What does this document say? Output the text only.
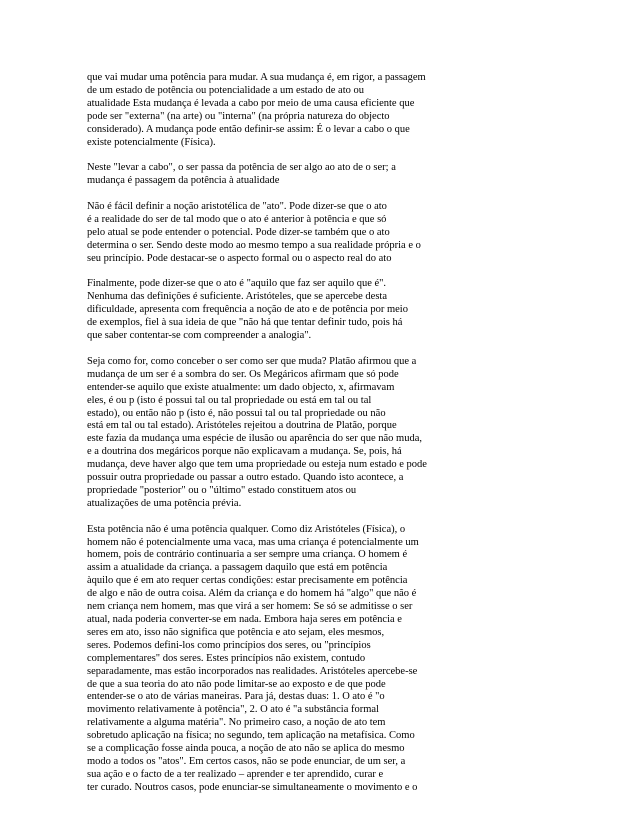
que vai mudar uma potência para mudar. A sua mudança é, em rigor, a passagem
de um estado de potência ou potencialidade a um estado de ato ou
atualidade Esta mudança é levada a cabo por meio de uma causa eficiente que
pode ser "externa" (na arte) ou "interna" (na própria natureza do objecto
considerado). A mudança pode então definir-se assim: É o levar a cabo o que
existe potencialmente (Física).

Neste "levar a cabo", o ser passa da potência de ser algo ao ato de o ser; a
mudança é passagem da potência à atualidade

Não é fácil definir a noção aristotélica de "ato". Pode dizer-se que o ato
é a realidade do ser de tal modo que o ato é anterior à potência e que só
pelo atual se pode entender o potencial. Pode dizer-se também que o ato
determina o ser. Sendo deste modo ao mesmo tempo a sua realidade própria e o
seu princípio. Pode destacar-se o aspecto formal ou o aspecto real do ato

Finalmente, pode dizer-se que o ato é "aquilo que faz ser aquilo que é".
Nenhuma das definições é suficiente. Aristóteles, que se apercebe desta
dificuldade, apresenta com frequência a noção de ato e de potência por meio
de exemplos, fiel à sua ideia de que "não há que tentar definir tudo, pois há
que saber contentar-se com compreender a analogia".

Seja como for, como conceber o ser como ser que muda? Platão afirmou que a
mudança de um ser é a sombra do ser. Os Megáricos afirmam que só pode
entender-se aquilo que existe atualmente: um dado objecto, x, afirmavam
eles, é ou p (isto é possui tal ou tal propriedade ou está em tal ou tal
estado), ou então não p (isto é, não possui tal ou tal propriedade ou não
está em tal ou tal estado). Aristóteles rejeitou a doutrina de Platão, porque
este fazia da mudança uma espécie de ilusão ou aparência do ser que não muda,
e a doutrina dos megáricos porque não explicavam a mudança. Se, pois, há
mudança, deve haver algo que tem uma propriedade ou esteja num estado e pode
possuir outra propriedade ou passar a outro estado. Quando isto acontece, a
propriedade "posterior" ou o "último" estado constituem atos ou
atualizações de uma potência prévia.

Esta potência não é uma potência qualquer. Como diz Aristóteles (Física), o
homem não é potencialmente uma vaca, mas uma criança é potencialmente um
homem, pois de contrário continuaria a ser sempre uma criança. O homem é
assim a atualidade da criança. a passagem daquilo que está em potência
àquilo que é em ato requer certas condições: estar precisamente em potência
de algo e não de outra coisa. Além da criança e do homem há "algo" que não é
nem criança nem homem, mas que virá a ser homem: Se só se admitisse o ser
atual, nada poderia converter-se em nada. Embora haja seres em potência e
seres em ato, isso não significa que potência e ato sejam, eles mesmos,
seres. Podemos defini-los como princípios dos seres, ou "princípios
complementares" dos seres. Estes princípios não existem, contudo
separadamente, mas estão incorporados nas realidades. Aristóteles apercebe-se
de que a sua teoria do ato não pode limitar-se ao exposto e de que pode
entender-se o ato de várias maneiras. Para já, destas duas: 1. O ato é "o
movimento relativamente à potência", 2. O ato é "a substância formal
relativamente a alguma matéria". No primeiro caso, a noção de ato tem
sobretudo aplicação na física; no segundo, tem aplicação na metafísica. Como
se a complicação fosse ainda pouca, a noção de ato não se aplica do mesmo
modo a todos os "atos". Em certos casos, não se pode enunciar, de um ser, a
sua ação e o facto de a ter realizado – aprender e ter aprendido, curar e
ter curado. Noutros casos, pode enunciar-se simultaneamente o movimento e o
